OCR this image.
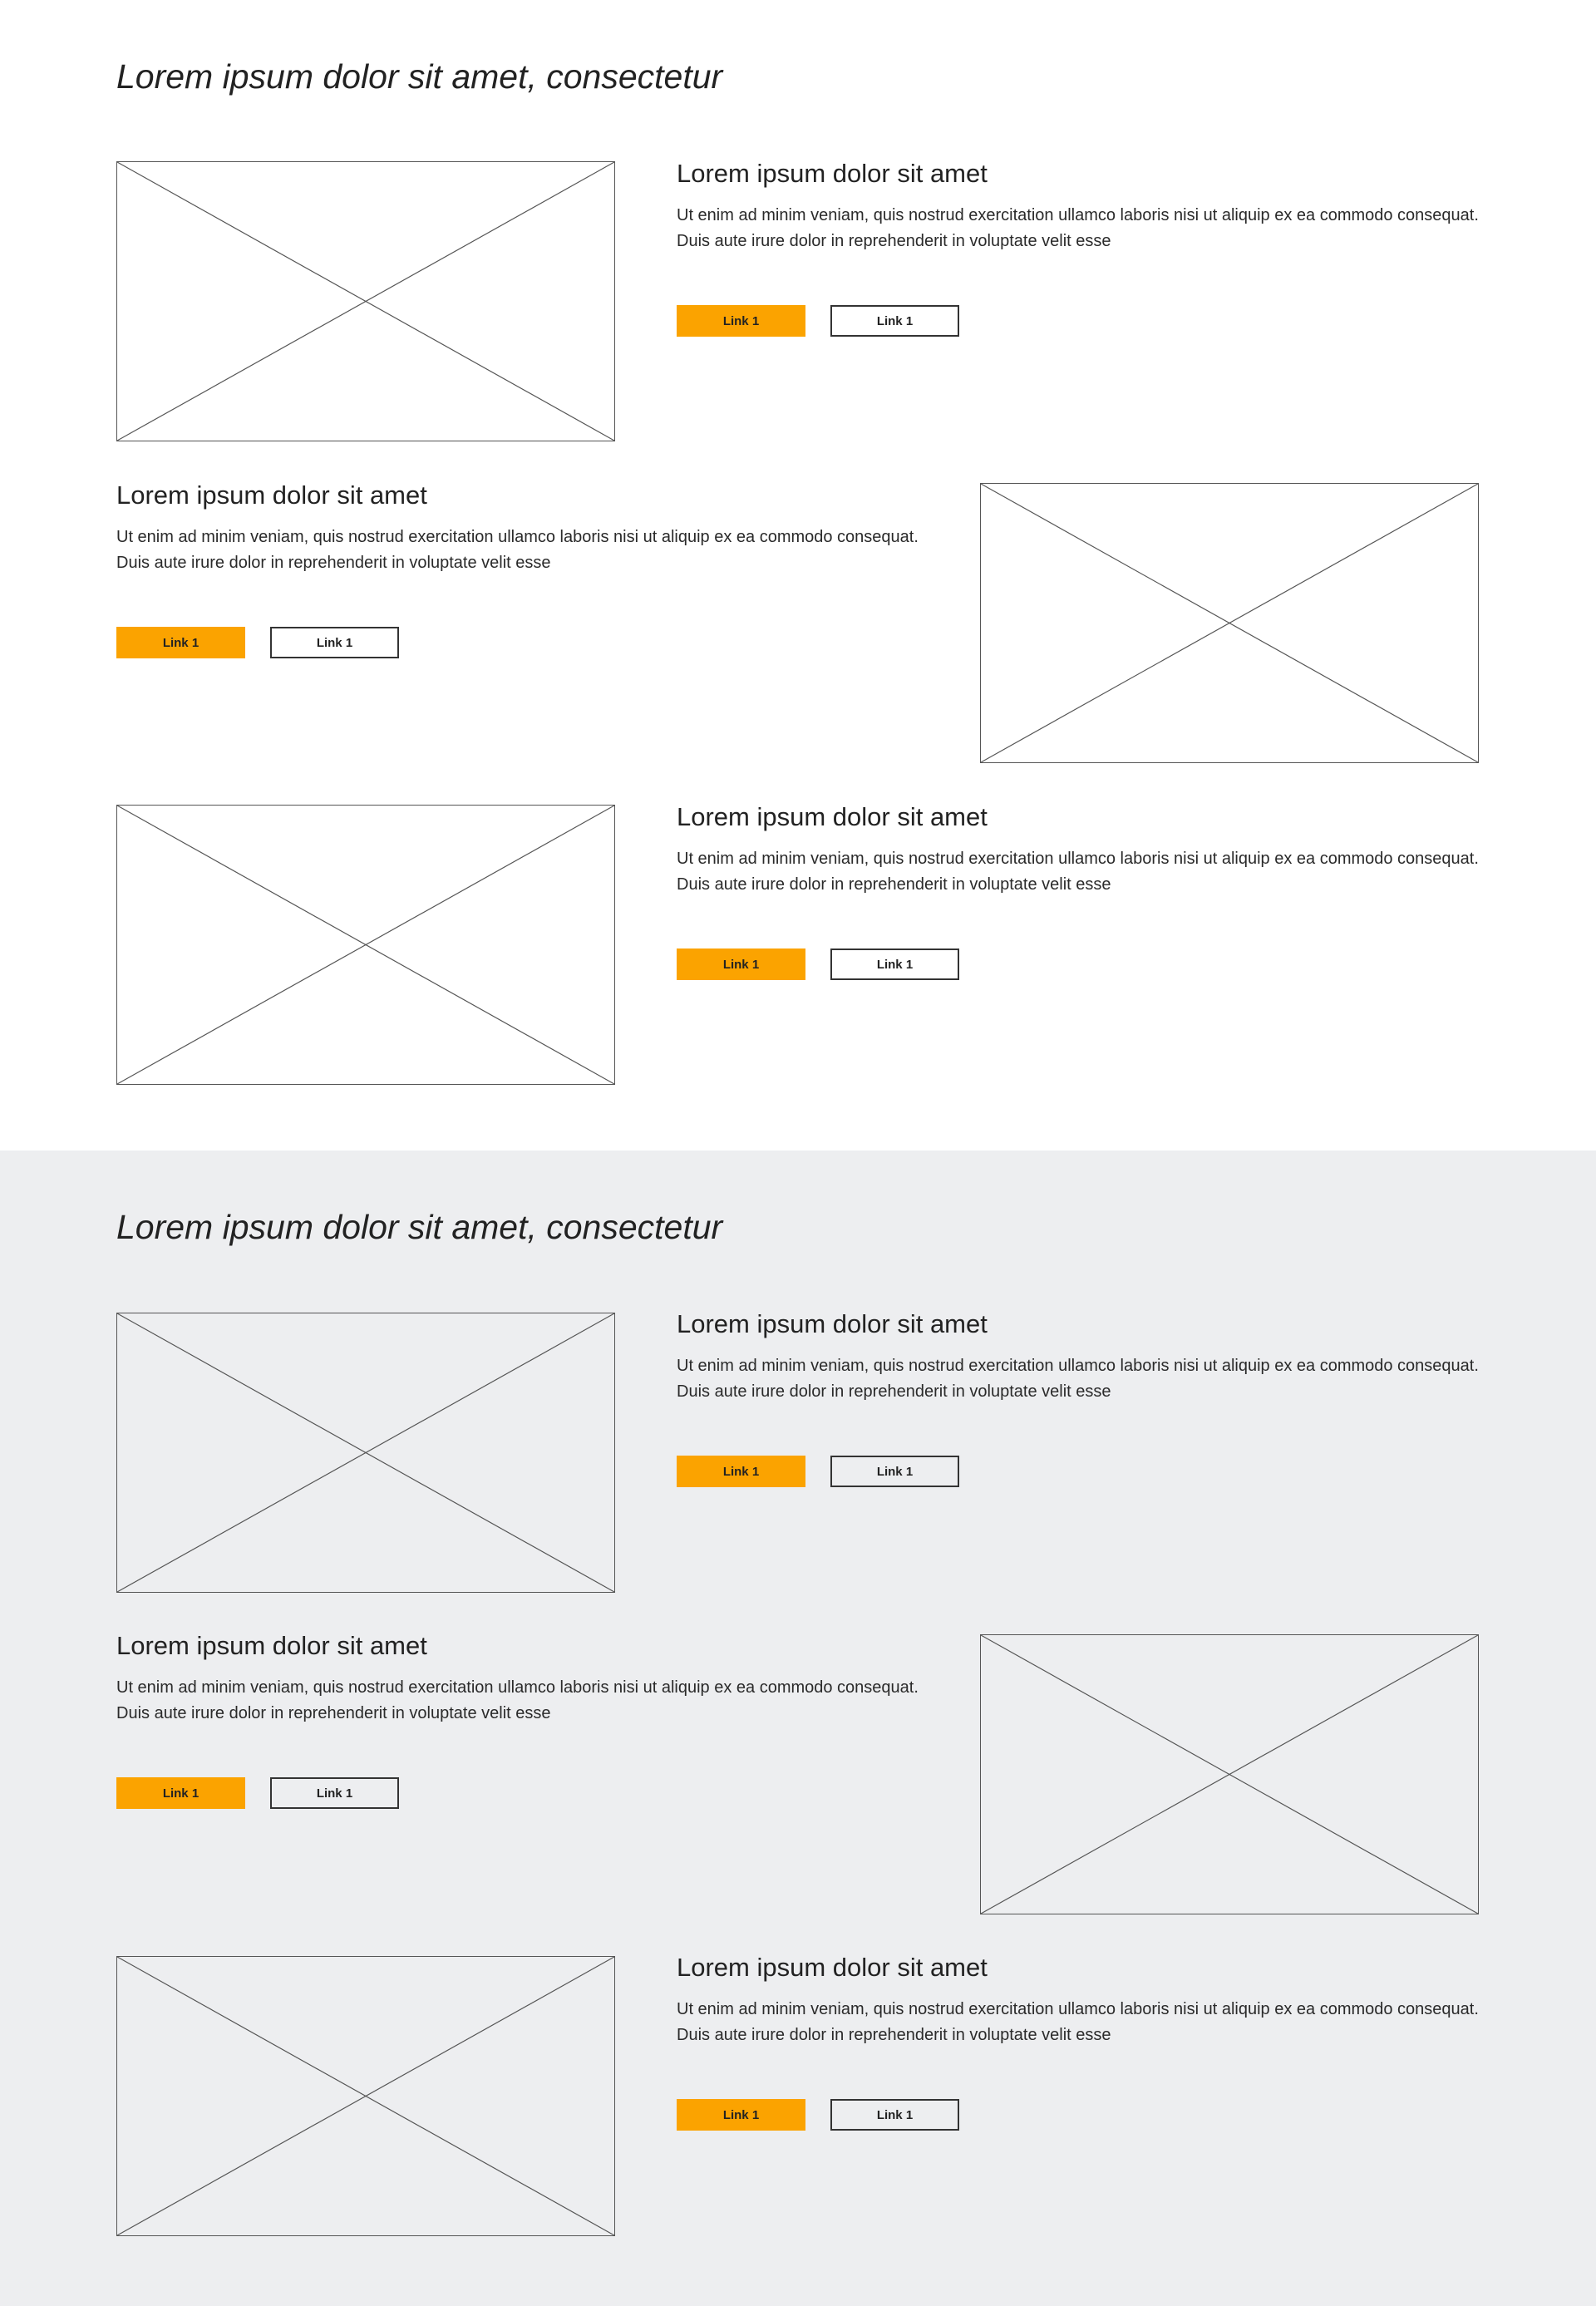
Lorem ipsum dolor sit amet, consectetur
Lorem ipsum dolor sit amet

Ut enim ad minim veniam, quis nostrud exercitation ullamco laboris nisi ut aliquip ex ea commodo consequat.
Duis aute irure dolor in reprehenderit in voluptate velit esse

Link 1	Link 1
Lorem ipsum dolor sit amet

Ut enim ad minim veniam, quis nostrud exercitation ullamco laboris nisi ut aliquip ex ea commodo consequat.
Duis aute irure dolor in reprehenderit in voluptate velit esse

Link 1	Link 1
Lorem ipsum dolor sit amet

Ut enim ad minim veniam, quis nostrud exercitation ullamco laboris nisi ut aliquip ex ea commodo consequat.
Duis aute irure dolor in reprehenderit in voluptate velit esse

Link 1	Link 1
Lorem ipsum dolor sit amet, consectetur
Lorem ipsum dolor sit amet

Ut enim ad minim veniam, quis nostrud exercitation ullamco laboris nisi ut aliquip ex ea commodo consequat.
Duis aute irure dolor in reprehenderit in voluptate velit esse

Link 1	Link 1
Lorem ipsum dolor sit amet

Ut enim ad minim veniam, quis nostrud exercitation ullamco laboris nisi ut aliquip ex ea commodo consequat.
Duis aute irure dolor in reprehenderit in voluptate velit esse

Link 1	Link 1
Lorem ipsum dolor sit amet

Ut enim ad minim veniam, quis nostrud exercitation ullamco laboris nisi ut aliquip ex ea commodo consequat.
Duis aute irure dolor in reprehenderit in voluptate velit esse

Link 1	Link 1
